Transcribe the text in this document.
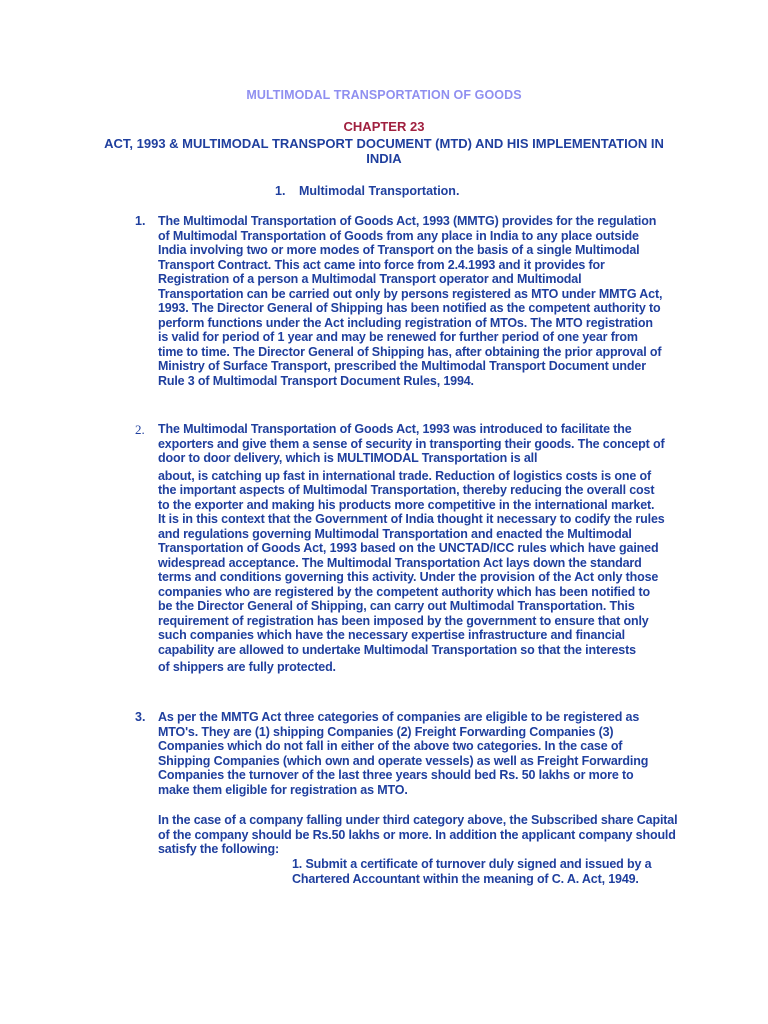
MULTIMODAL TRANSPORTATION OF GOODS
CHAPTER 23
ACT, 1993 & MULTIMODAL TRANSPORT DOCUMENT (MTD) AND HIS IMPLEMENTATION IN INDIA
1. Multimodal Transportation.
1. The Multimodal Transportation of Goods Act, 1993 (MMTG) provides for the regulation of Multimodal Transportation of Goods from any place in India to any place outside India involving two or more modes of Transport on the basis of a single Multimodal Transport Contract. This act came into force from 2.4.1993 and it provides for Registration of a person a Multimodal Transport operator and Multimodal Transportation can be carried out only by persons registered as MTO under MMTG Act, 1993. The Director General of Shipping has been notified as the competent authority to perform functions under the Act including registration of MTOs. The MTO registration is valid for period of 1 year and may be renewed for further period of one year from time to time. The Director General of Shipping has, after obtaining the prior approval of Ministry of Surface Transport, prescribed the Multimodal Transport Document under Rule 3 of Multimodal Transport Document Rules, 1994.
2. The Multimodal Transportation of Goods Act, 1993 was introduced to facilitate the exporters and give them a sense of security in transporting their goods. The concept of door to door delivery, which is MULTIMODAL Transportation is all
about, is catching up fast in international trade. Reduction of logistics costs is one of the important aspects of Multimodal Transportation, thereby reducing the overall cost to the exporter and making his products more competitive in the international market. It is in this context that the Government of India thought it necessary to codify the rules and regulations governing Multimodal Transportation and enacted the Multimodal Transportation of Goods Act, 1993 based on the UNCTAD/ICC rules which have gained widespread acceptance. The Multimodal Transportation Act lays down the standard terms and conditions governing this activity. Under the provision of the Act only those companies who are registered by the competent authority which has been notified to be the Director General of Shipping, can carry out Multimodal Transportation. This requirement of registration has been imposed by the government to ensure that only such companies which have the necessary expertise infrastructure and financial capability are allowed to undertake Multimodal Transportation so that the interests
of shippers are fully protected.
3. As per the MMTG Act three categories of companies are eligible to be registered as MTO's. They are (1) shipping Companies (2) Freight Forwarding Companies (3) Companies which do not fall in either of the above two categories. In the case of Shipping Companies (which own and operate vessels) as well as Freight Forwarding Companies the turnover of the last three years should bed Rs. 50 lakhs or more to make them eligible for registration as MTO.
In the case of a company falling under third category above, the Subscribed share Capital of the company should be Rs.50 lakhs or more. In addition the applicant company should satisfy the following:
1. Submit a certificate of turnover duly signed and issued by a Chartered Accountant within the meaning of C. A. Act, 1949.
